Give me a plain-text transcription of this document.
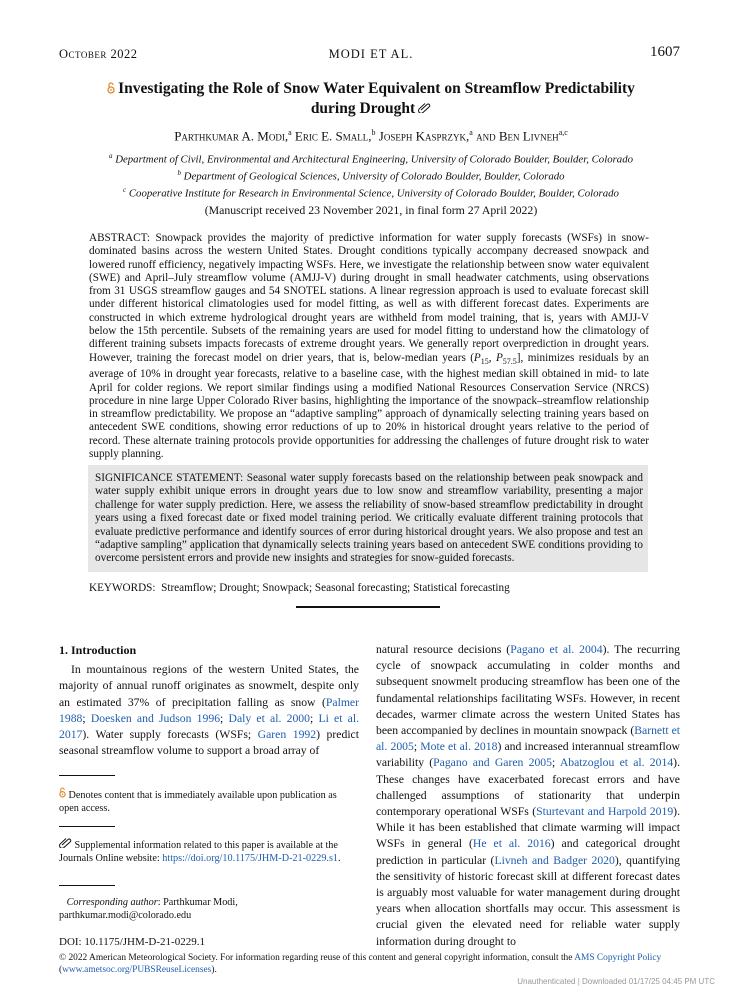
October 2022	MODI ET AL.	1607
Investigating the Role of Snow Water Equivalent on Streamflow Predictability
during Drought
Parthkumar A. Modi,$^a$ Eric E. Small,$^b$ Joseph Kasprzyk,$^a$ and Ben Livneh$^{a,c}$
$^a$ Department of Civil, Environmental and Architectural Engineering, University of Colorado Boulder, Boulder, Colorado
$^b$ Department of Geological Sciences, University of Colorado Boulder, Boulder, Colorado
$^c$ Cooperative Institute for Research in Environmental Science, University of Colorado Boulder, Boulder, Colorado
(Manuscript received 23 November 2021, in final form 27 April 2022)
ABSTRACT: Snowpack provides the majority of predictive information for water supply forecasts (WSFs) in snow-dominated basins across the western United States. Drought conditions typically accompany decreased snowpack and lowered runoff efficiency, negatively impacting WSFs. Here, we investigate the relationship between snow water equivalent (SWE) and April–July streamflow volume (AMJJ-V) during drought in small headwater catchments, using observations from 31 USGS streamflow gauges and 54 SNOTEL stations. A linear regression approach is used to evaluate forecast skill under different historical climatologies used for model fitting, as well as with different forecast dates. Experiments are constructed in which extreme hydrological drought years are withheld from model training, that is, years with AMJJ-V below the 15th percentile. Subsets of the remaining years are used for model fitting to understand how the climatology of different training subsets impacts forecasts of extreme drought years. We generally report overprediction in drought years. However, training the forecast model on drier years, that is, below-median years ($P_{15}$, $P_{57.5}$], minimizes residuals by an average of 10% in drought year forecasts, relative to a baseline case, with the highest median skill obtained in mid- to late April for colder regions. We report similar findings using a modified National Resources Conservation Service (NRCS) procedure in nine large Upper Colorado River basins, highlighting the importance of the snowpack–streamflow relationship in streamflow predictability. We propose an “adaptive sampling” approach of dynamically selecting training years based on antecedent SWE conditions, showing error reductions of up to 20% in historical drought years relative to the period of record. These alternate training protocols provide opportunities for addressing the challenges of future drought risk to water supply planning.
SIGNIFICANCE STATEMENT: Seasonal water supply forecasts based on the relationship between peak snowpack and water supply exhibit unique errors in drought years due to low snow and streamflow variability, presenting a major challenge for water supply prediction. Here, we assess the reliability of snow-based streamflow predictability in drought years using a fixed forecast date or fixed model training period. We critically evaluate different training protocols that evaluate predictive performance and identify sources of error during historical drought years. We also propose and test an “adaptive sampling” application that dynamically selects training years based on antecedent SWE conditions providing to overcome persistent errors and provide new insights and strategies for snow-guided forecasts.
KEYWORDS: Streamflow; Drought; Snowpack; Seasonal forecasting; Statistical forecasting
1. Introduction

In mountainous regions of the western United States, the majority of annual runoff originates as snowmelt, despite only an estimated 37% of precipitation falling as snow (Palmer 1988; Doesken and Judson 1996; Daly et al. 2000; Li et al. 2017). Water supply forecasts (WSFs; Garen 1992) predict seasonal streamflow volume to support a broad array of

Denotes content that is immediately available upon publication as open access.
Supplemental information related to this paper is available at the Journals Online website: https://doi.org/10.1175/JHM-D-21-0229.s1.
Corresponding author: Parthkumar Modi, parthkumar.modi@colorado.edu

natural resource decisions (Pagano et al. 2004). The recurring cycle of snowpack accumulating in colder months and subsequent snowmelt producing streamflow has been one of the fundamental relationships facilitating WSFs. However, in recent decades, warmer climate across the western United States has been accompanied by declines in mountain snowpack (Barnett et al. 2005; Mote et al. 2018) and increased interannual streamflow variability (Pagano and Garen 2005; Abatzoglou et al. 2014). These changes have exacerbated forecast errors and have challenged assumptions of stationarity that underpin contemporary operational WSFs (Sturtevant and Harpold 2019). While it has been established that climate warming will impact WSFs in general (He et al. 2016) and categorical drought prediction in particular (Livneh and Badger 2020), quantifying the sensitivity of historic forecast skill at different forecast dates is arguably most valuable for water management during drought years when allocation shortfalls may occur. This assessment is crucial given the elevated need for reliable water supply information during drought to

DOI: 10.1175/JHM-D-21-0229.1
© 2022 American Meteorological Society. For information regarding reuse of this content and general copyright information, consult the AMS Copyright Policy (www.ametsoc.org/PUBSReuseLicenses).
Unauthenticated | Downloaded 01/17/25 04:45 PM UTC
